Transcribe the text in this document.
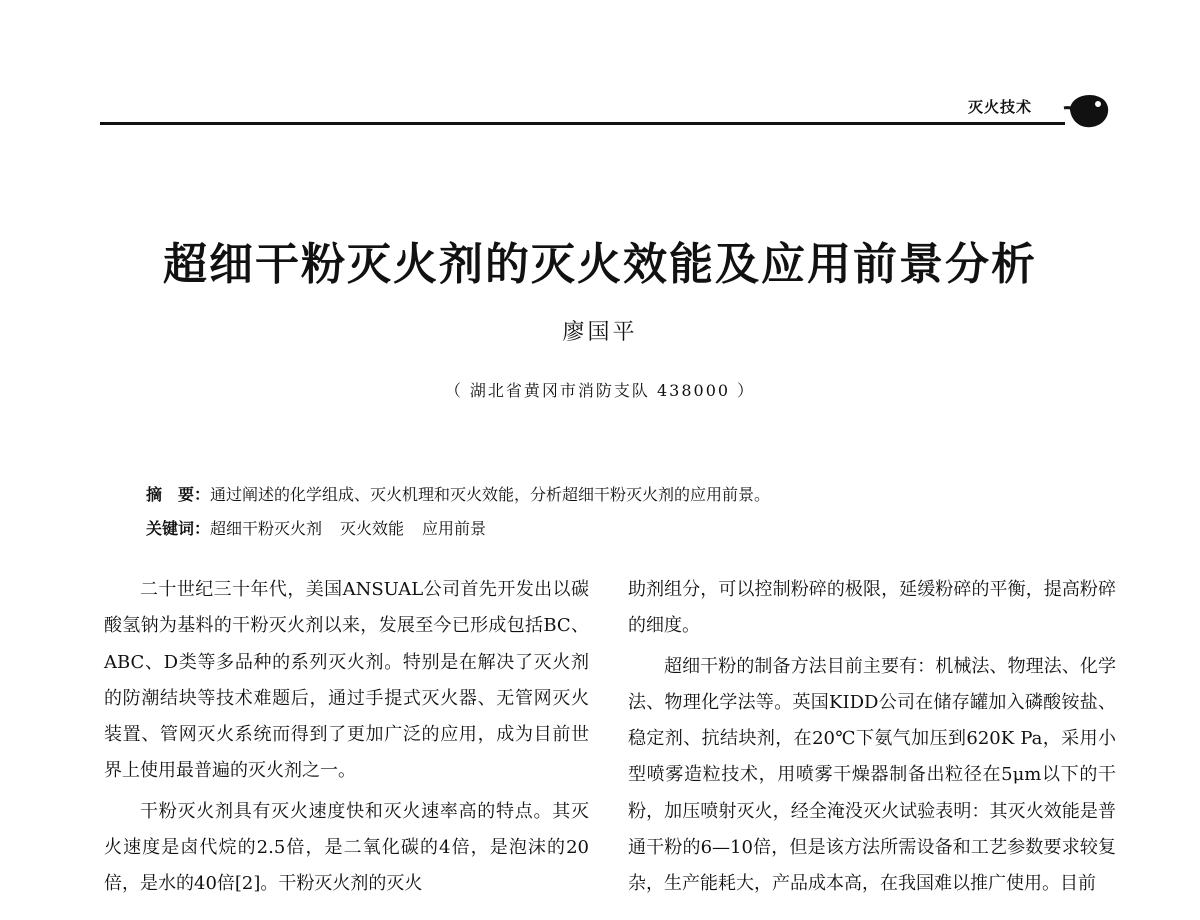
灭火技术
超细干粉灭火剂的灭火效能及应用前景分析
廖国平
（ 湖北省黄冈市消防支队 438000 ）
摘　要：通过阐述的化学组成、灭火机理和灭火效能，分析超细干粉灭火剂的应用前景。
关键词：超细干粉灭火剂 灭火效能 应用前景

二十世纪三十年代，美国ANSUAL公司首先开发出以碳酸氢钠为基料的干粉灭火剂以来，发展至今已形成包括BC、ABC、D类等多品种的系列灭火剂。特别是在解决了灭火剂的防潮结块等技术难题后，通过手提式灭火器、无管网灭火装置、管网灭火系统而得到了更加广泛的应用，成为目前世界上使用最普遍的灭火剂之一。

干粉灭火剂具有灭火速度快和灭火速率高的特点。其灭火速度是卤代烷的2.5倍，是二氧化碳的4倍，是泡沫的20倍，是水的40倍[2]。干粉灭火剂的灭火

助剂组分，可以控制粉碎的极限，延缓粉碎的平衡，提高粉碎的细度。

超细干粉的制备方法目前主要有：机械法、物理法、化学法、物理化学法等。英国KIDD公司在储存罐加入磷酸铵盐、稳定剂、抗结块剂，在20℃下氨气加压到620K Pa，采用小型喷雾造粒技术，用喷雾干燥器制备出粒径在5μm以下的干粉，加压喷射灭火，经全淹没灭火试验表明：其灭火效能是普通干粉的6—10倍，但是该方法所需设备和工艺参数要求较复杂，生产能耗大，产品成本高，在我国难以推广使用。目前
